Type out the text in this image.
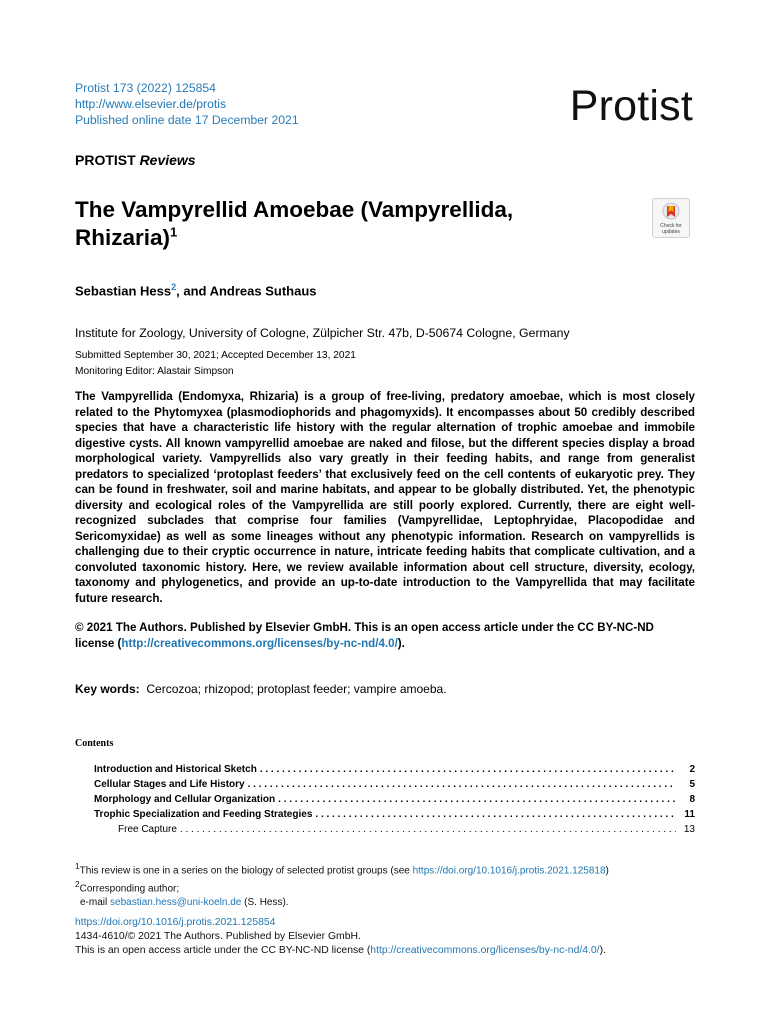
Protist 173 (2022) 125854
http://www.elsevier.de/protis
Published online date 17 December 2021	Protist
PROTIST Reviews
The Vampyrellid Amoebae (Vampyrellida,
Rhizaria)$^1$	Check for
updates
Sebastian Hess$^2$, and Andreas Suthaus
Institute for Zoology, University of Cologne, Zülpicher Str. 47b, D-50674 Cologne, Germany
Submitted September 30, 2021; Accepted December 13, 2021
Monitoring Editor: Alastair Simpson
The Vampyrellida (Endomyxa, Rhizaria) is a group of free-living, predatory amoebae, which is most closely related to the Phytomyxea (plasmodiophorids and phagomyxids). It encompasses about 50 credibly described species that have a characteristic life history with the regular alternation of trophic amoebae and immobile digestive cysts. All known vampyrellid amoebae are naked and filose, but the different species display a broad morphological variety. Vampyrellids also vary greatly in their feeding habits, and range from generalist predators to specialized ‘protoplast feeders’ that exclusively feed on the cell contents of eukaryotic prey. They can be found in freshwater, soil and marine habitats, and appear to be globally distributed. Yet, the phenotypic diversity and ecological roles of the Vampyrellida are still poorly explored. Currently, there are eight well-recognized subclades that comprise four families (Vampyrellidae, Leptophryidae, Placopodidae and Sericomyxidae) as well as some lineages without any phenotypic information. Research on vampyrellids is challenging due to their cryptic occurrence in nature, intricate feeding habits that complicate cultivation, and a convoluted taxonomic history. Here, we review available information about cell structure, diversity, ecology, taxonomy and phylogenetics, and provide an up-to-date introduction to the Vampyrellida that may facilitate future research.
© 2021 The Authors. Published by Elsevier GmbH. This is an open access article under the CC BY-NC-ND license (http://creativecommons.org/licenses/by-nc-nd/4.0/).
Key words: Cercozoa; rhizopod; protoplast feeder; vampire amoeba.
Contents
Introduction and Historical Sketch . . .	2
Cellular Stages and Life History . . .	5
Morphology and Cellular Organization . . .	8
Trophic Specialization and Feeding Strategies . . .	11
Free Capture . . .	13
$^1$This review is one in a series on the biology of selected protist groups (see https://doi.org/10.1016/j.protis.2021.125818)
$^2$Corresponding author;
e-mail sebastian.hess@uni-koeln.de (S. Hess).
https://doi.org/10.1016/j.protis.2021.125854
1434-4610/© 2021 The Authors. Published by Elsevier GmbH.
This is an open access article under the CC BY-NC-ND license (http://creativecommons.org/licenses/by-nc-nd/4.0/).
